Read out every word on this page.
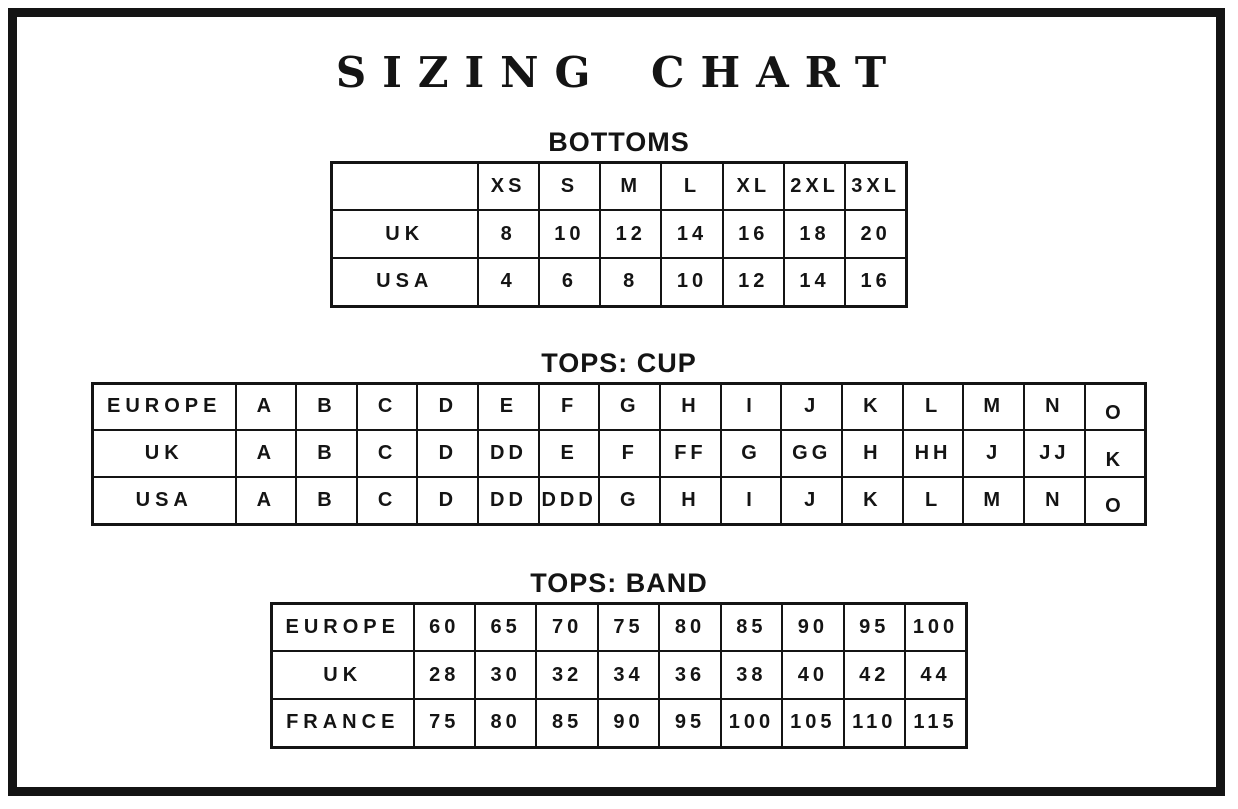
SIZING CHART
BOTTOMS
	XS	S	M	L	XL	2XL	3XL
UK	8	10	12	14	16	18	20
USA	4	6	8	10	12	14	16
TOPS: CUP
EUROPE	A	B	C	D	E	F	G	H	I	J	K	L	M	N	O
UK	A	B	C	D	DD	E	F	FF	G	GG	H	HH	J	JJ	K
USA	A	B	C	D	DD	DDD	G	H	I	J	K	L	M	N	O
TOPS: BAND
EUROPE	60	65	70	75	80	85	90	95	100
UK	28	30	32	34	36	38	40	42	44
FRANCE	75	80	85	90	95	100	105	110	115
